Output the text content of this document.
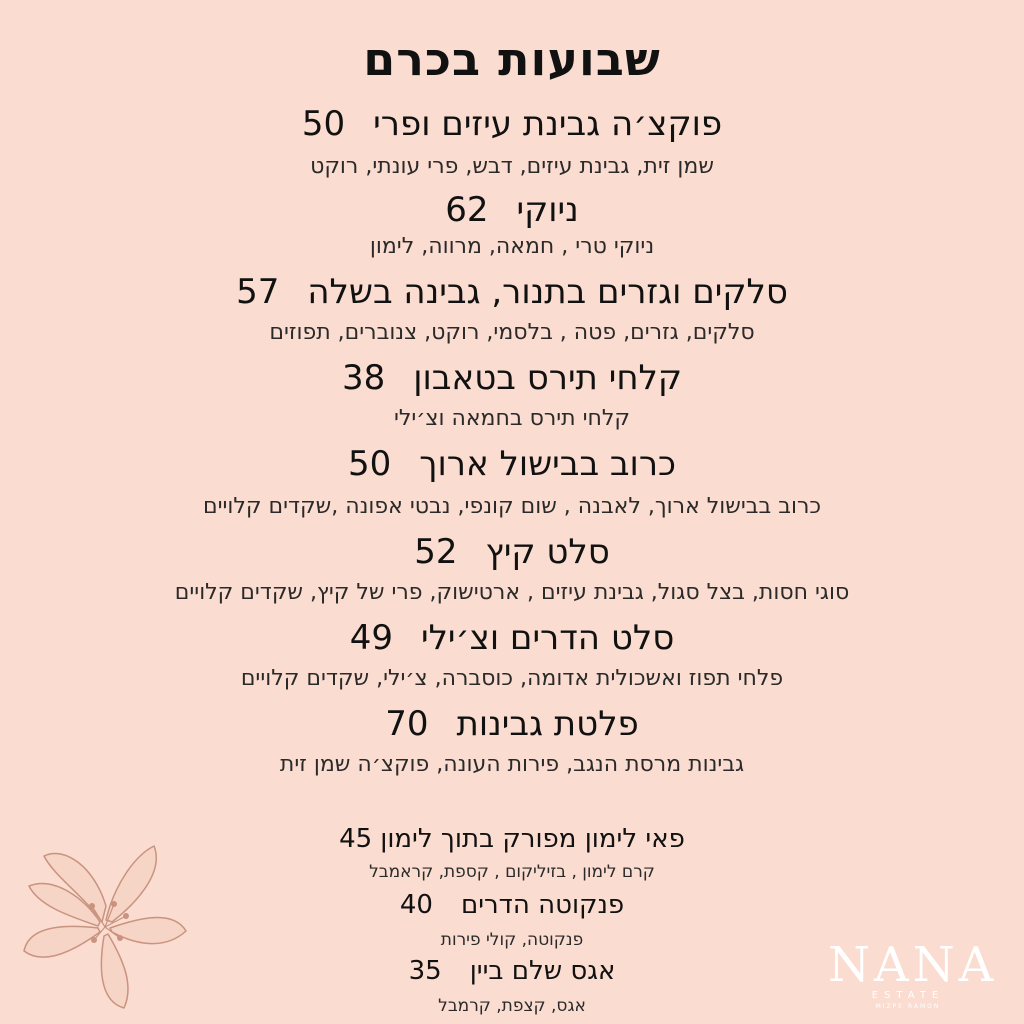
שבועות בכרם
פוקצ׳ה גבינת עיזים ופרי50
שמן זית, גבינת עיזים, דבש, פרי עונתי, רוקט
ניוקי62
ניוקי טרי , חמאה, מרווה, לימון
סלקים וגזרים בתנור, גבינה בשלה57
סלקים, גזרים, פטה , בלסמי, רוקט, צנוברים, תפוזים
קלחי תירס בטאבון38
קלחי תירס בחמאה וצ׳ילי
כרוב בבישול ארוך50
כרוב בבישול ארוך, לאבנה , שום קונפי, נבטי אפונה ,שקדים קלויים
סלט קיץ52
סוגי חסות, בצל סגול, גבינת עיזים , ארטישוק, פרי של קיץ, שקדים קלויים
סלט הדרים וצ׳ילי49
פלחי תפוז ואשכולית אדומה, כוסברה, צ׳ילי, שקדים קלויים
פלטת גבינות70
גבינות מרסת הנגב, פירות העונה, פוקצ׳ה שמן זית
פאי לימון מפורק בתוך לימון45
קרם לימון , בזיליקום , קספת, קראמבל
פנקוטה הדרים40
פנקוטה, קולי פירות
אגס שלם ביין35
אגס, קצפת, קרמבל
NANA
ESTATE
MIZPE RAMON
